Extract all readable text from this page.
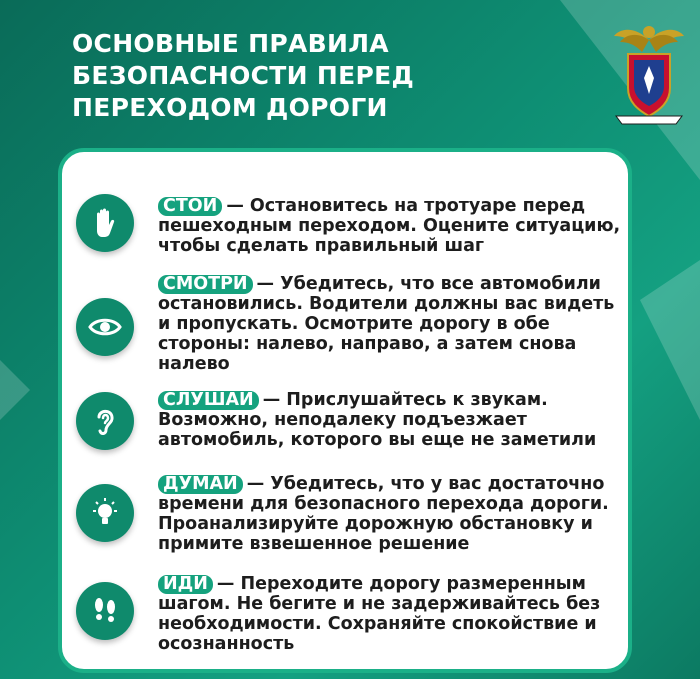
ОСНОВНЫЕ ПРАВИЛА
БЕЗОПАСНОСТИ ПЕРЕД
ПЕРЕХОДОМ ДОРОГИ
СТОЙ — Остановитесь на тротуаре перед пешеходным переходом. Оцените ситуацию, чтобы сделать правильный шаг
СМОТРИ — Убедитесь, что все автомобили остановились. Водители должны вас видеть и пропускать. Осмотрите дорогу в обе стороны: налево, направо, а затем снова налево
СЛУШАЙ — Прислушайтесь к звукам. Возможно, неподалеку подъезжает автомобиль, которого вы еще не заметили
ДУМАЙ — Убедитесь, что у вас достаточно времени для безопасного перехода дороги. Проанализируйте дорожную обстановку и примите взвешенное решение
ИДИ — Переходите дорогу размеренным шагом. Не бегите и не задерживайтесь без необходимости. Сохраняйте спокойствие и осознанность
